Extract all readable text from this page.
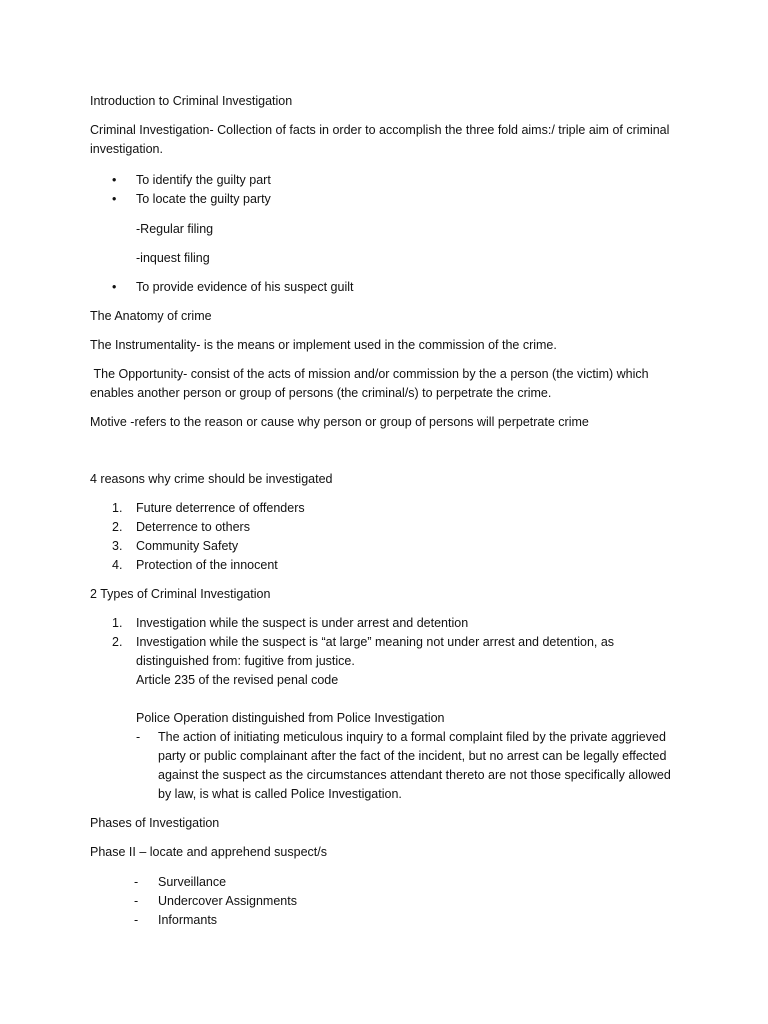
Introduction to Criminal Investigation

Criminal Investigation- Collection of facts in order to accomplish the three fold aims:/ triple aim of criminal investigation.

• To identify the guilty part
• To locate the guilty party

-Regular filing

-inquest filing

• To provide evidence of his suspect guilt

The Anatomy of crime

The Instrumentality- is the means or implement used in the commission of the crime.

The Opportunity- consist of the acts of mission and/or commission by the a person (the victim) which enables another person or group of persons (the criminal/s) to perpetrate the crime.

Motive -refers to the reason or cause why person or group of persons will perpetrate crime

4 reasons why crime should be investigated

1. Future deterrence of offenders
2. Deterrence to others
3. Community Safety
4. Protection of the innocent

2 Types of Criminal Investigation

1. Investigation while the suspect is under arrest and detention
2. Investigation while the suspect is “at large” meaning not under arrest and detention, as distinguished from: fugitive from justice.

Article 235 of the revised penal code

Police Operation distinguished from Police Investigation

- The action of initiating meticulous inquiry to a formal complaint filed by the private aggrieved party or public complainant after the fact of the incident, but no arrest can be legally effected against the suspect as the circumstances attendant thereto are not those specifically allowed by law, is what is called Police Investigation.

Phases of Investigation

Phase II – locate and apprehend suspect/s

- Surveillance
- Undercover Assignments
- Informants
